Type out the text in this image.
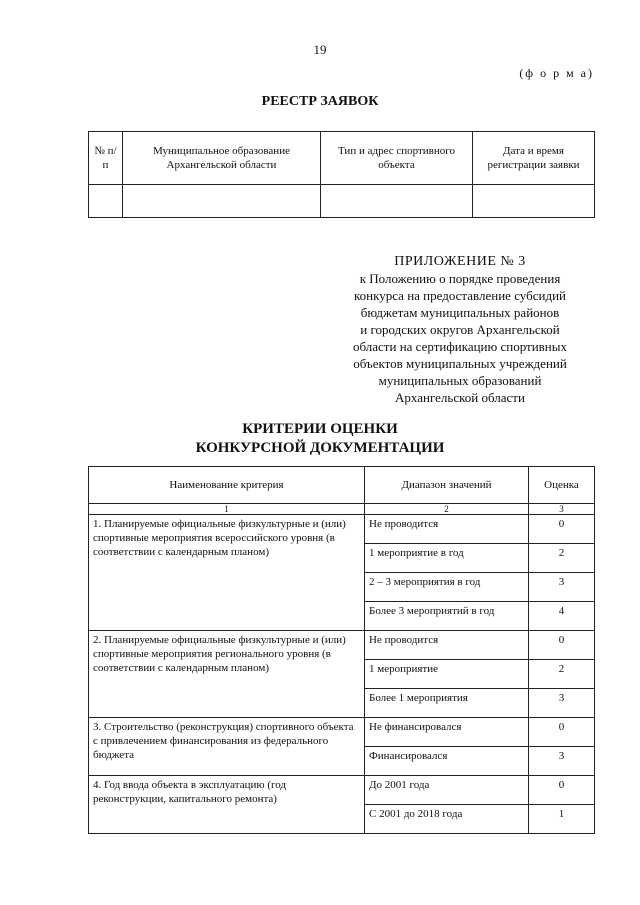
19
(ф о р м а)
РЕЕСТР ЗАЯВОК
№ п/п	Муниципальное образование Архангельской области	Тип и адрес спортивного объекта	Дата и время регистрации заявки

ПРИЛОЖЕНИЕ № 3
к Положению о порядке проведения
конкурса на предоставление субсидий
бюджетам муниципальных районов
и городских округов Архангельской
области на сертификацию спортивных
объектов муниципальных учреждений
муниципальных образований
Архангельской области
КРИТЕРИИ ОЦЕНКИ
КОНКУРСНОЙ ДОКУМЕНТАЦИИ
Наименование критерия	Диапазон значений	Оценка
1	2	3
1. Планируемые официальные физкультурные и (или) спортивные мероприятия всероссийского уровня (в соответствии с календарным планом)	Не проводится	0
	1 мероприятие в год	2
	2 – 3 мероприятия в год	3
	Более 3 мероприятий в год	4
2. Планируемые официальные физкультурные и (или) спортивные мероприятия регионального уровня (в соответствии с календарным планом)	Не проводится	0
	1 мероприятие	2
	Более 1 мероприятия	3
3. Строительство (реконструкция) спортивного объекта с привлечением финансирования из федерального бюджета	Не финансировался	0
	Финансировался	3
4. Год ввода объекта в эксплуатацию (год реконструкции, капитального ремонта)	До 2001 года	0
	С 2001 до 2018 года	1
